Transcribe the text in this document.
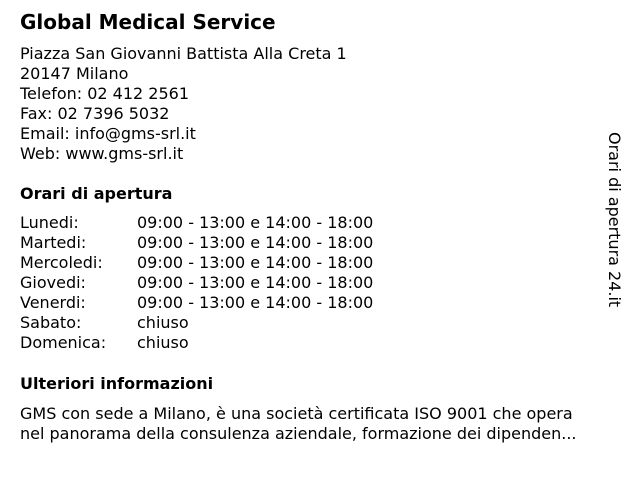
Global Medical Service
Piazza San Giovanni Battista Alla Creta 1
20147 Milano
Telefon: 02 412 2561
Fax: 02 7396 5032
Email: info@gms-srl.it
Web: www.gms-srl.it
Orari di apertura
Lunedi:	09:00 - 13:00 e 14:00 - 18:00
Martedi:	09:00 - 13:00 e 14:00 - 18:00
Mercoledi:	09:00 - 13:00 e 14:00 - 18:00
Giovedi:	09:00 - 13:00 e 14:00 - 18:00
Venerdi:	09:00 - 13:00 e 14:00 - 18:00
Sabato:	chiuso
Domenica:	chiuso
Ulteriori informazioni
GMS con sede a Milano, è una società certificata ISO 9001 che opera
nel panorama della consulenza aziendale, formazione dei dipenden...
Orari di apertura 24.it
